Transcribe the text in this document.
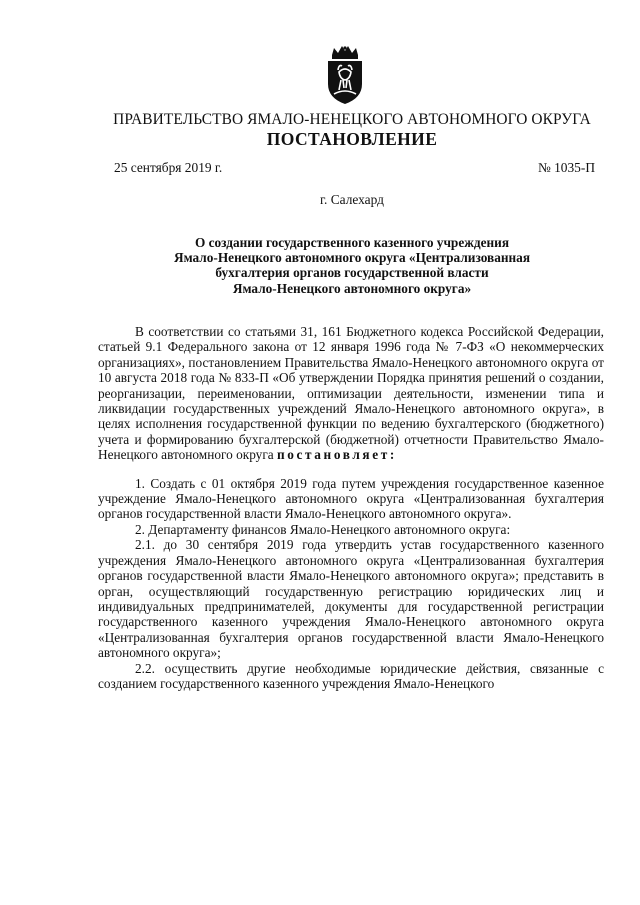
ПРАВИТЕЛЬСТВО ЯМАЛО-НЕНЕЦКОГО АВТОНОМНОГО ОКРУГА
ПОСТАНОВЛЕНИЕ
25 сентября 2019 г.	№ 1035-П
г. Салехард
О создании государственного казенного учреждения
Ямало-Ненецкого автономного округа «Централизованная
бухгалтерия органов государственной власти
Ямало-Ненецкого автономного округа»

В соответствии со статьями 31, 161 Бюджетного кодекса Российской Федерации, статьей 9.1 Федерального закона от 12 января 1996 года № 7-ФЗ «О некоммерческих организациях», постановлением Правительства Ямало-Ненецкого автономного округа от 10 августа 2018 года № 833-П «Об утверждении Порядка принятия решений о создании, реорганизации, переименовании, оптимизации деятельности, изменении типа и ликвидации государственных учреждений Ямало-Ненецкого автономного округа», в целях исполнения государственной функции по ведению бухгалтерского (бюджетного) учета и формированию бухгалтерской (бюджетной) отчетности Правительство Ямало-Ненецкого автономного округа постановляет:

1. Создать с 01 октября 2019 года путем учреждения государственное казенное учреждение Ямало-Ненецкого автономного округа «Централизованная бухгалтерия органов государственной власти Ямало-Ненецкого автономного округа».

2. Департаменту финансов Ямало-Ненецкого автономного округа:

2.1. до 30 сентября 2019 года утвердить устав государственного казенного учреждения Ямало-Ненецкого автономного округа «Централизованная бухгалтерия органов государственной власти Ямало-Ненецкого автономного округа»; представить в орган, осуществляющий государственную регистрацию юридических лиц и индивидуальных предпринимателей, документы для государственной регистрации государственного казенного учреждения Ямало-Ненецкого автономного округа «Централизованная бухгалтерия органов государственной власти Ямало-Ненецкого автономного округа»;

2.2. осуществить другие необходимые юридические действия, связанные с созданием государственного казенного учреждения Ямало-Ненецкого
